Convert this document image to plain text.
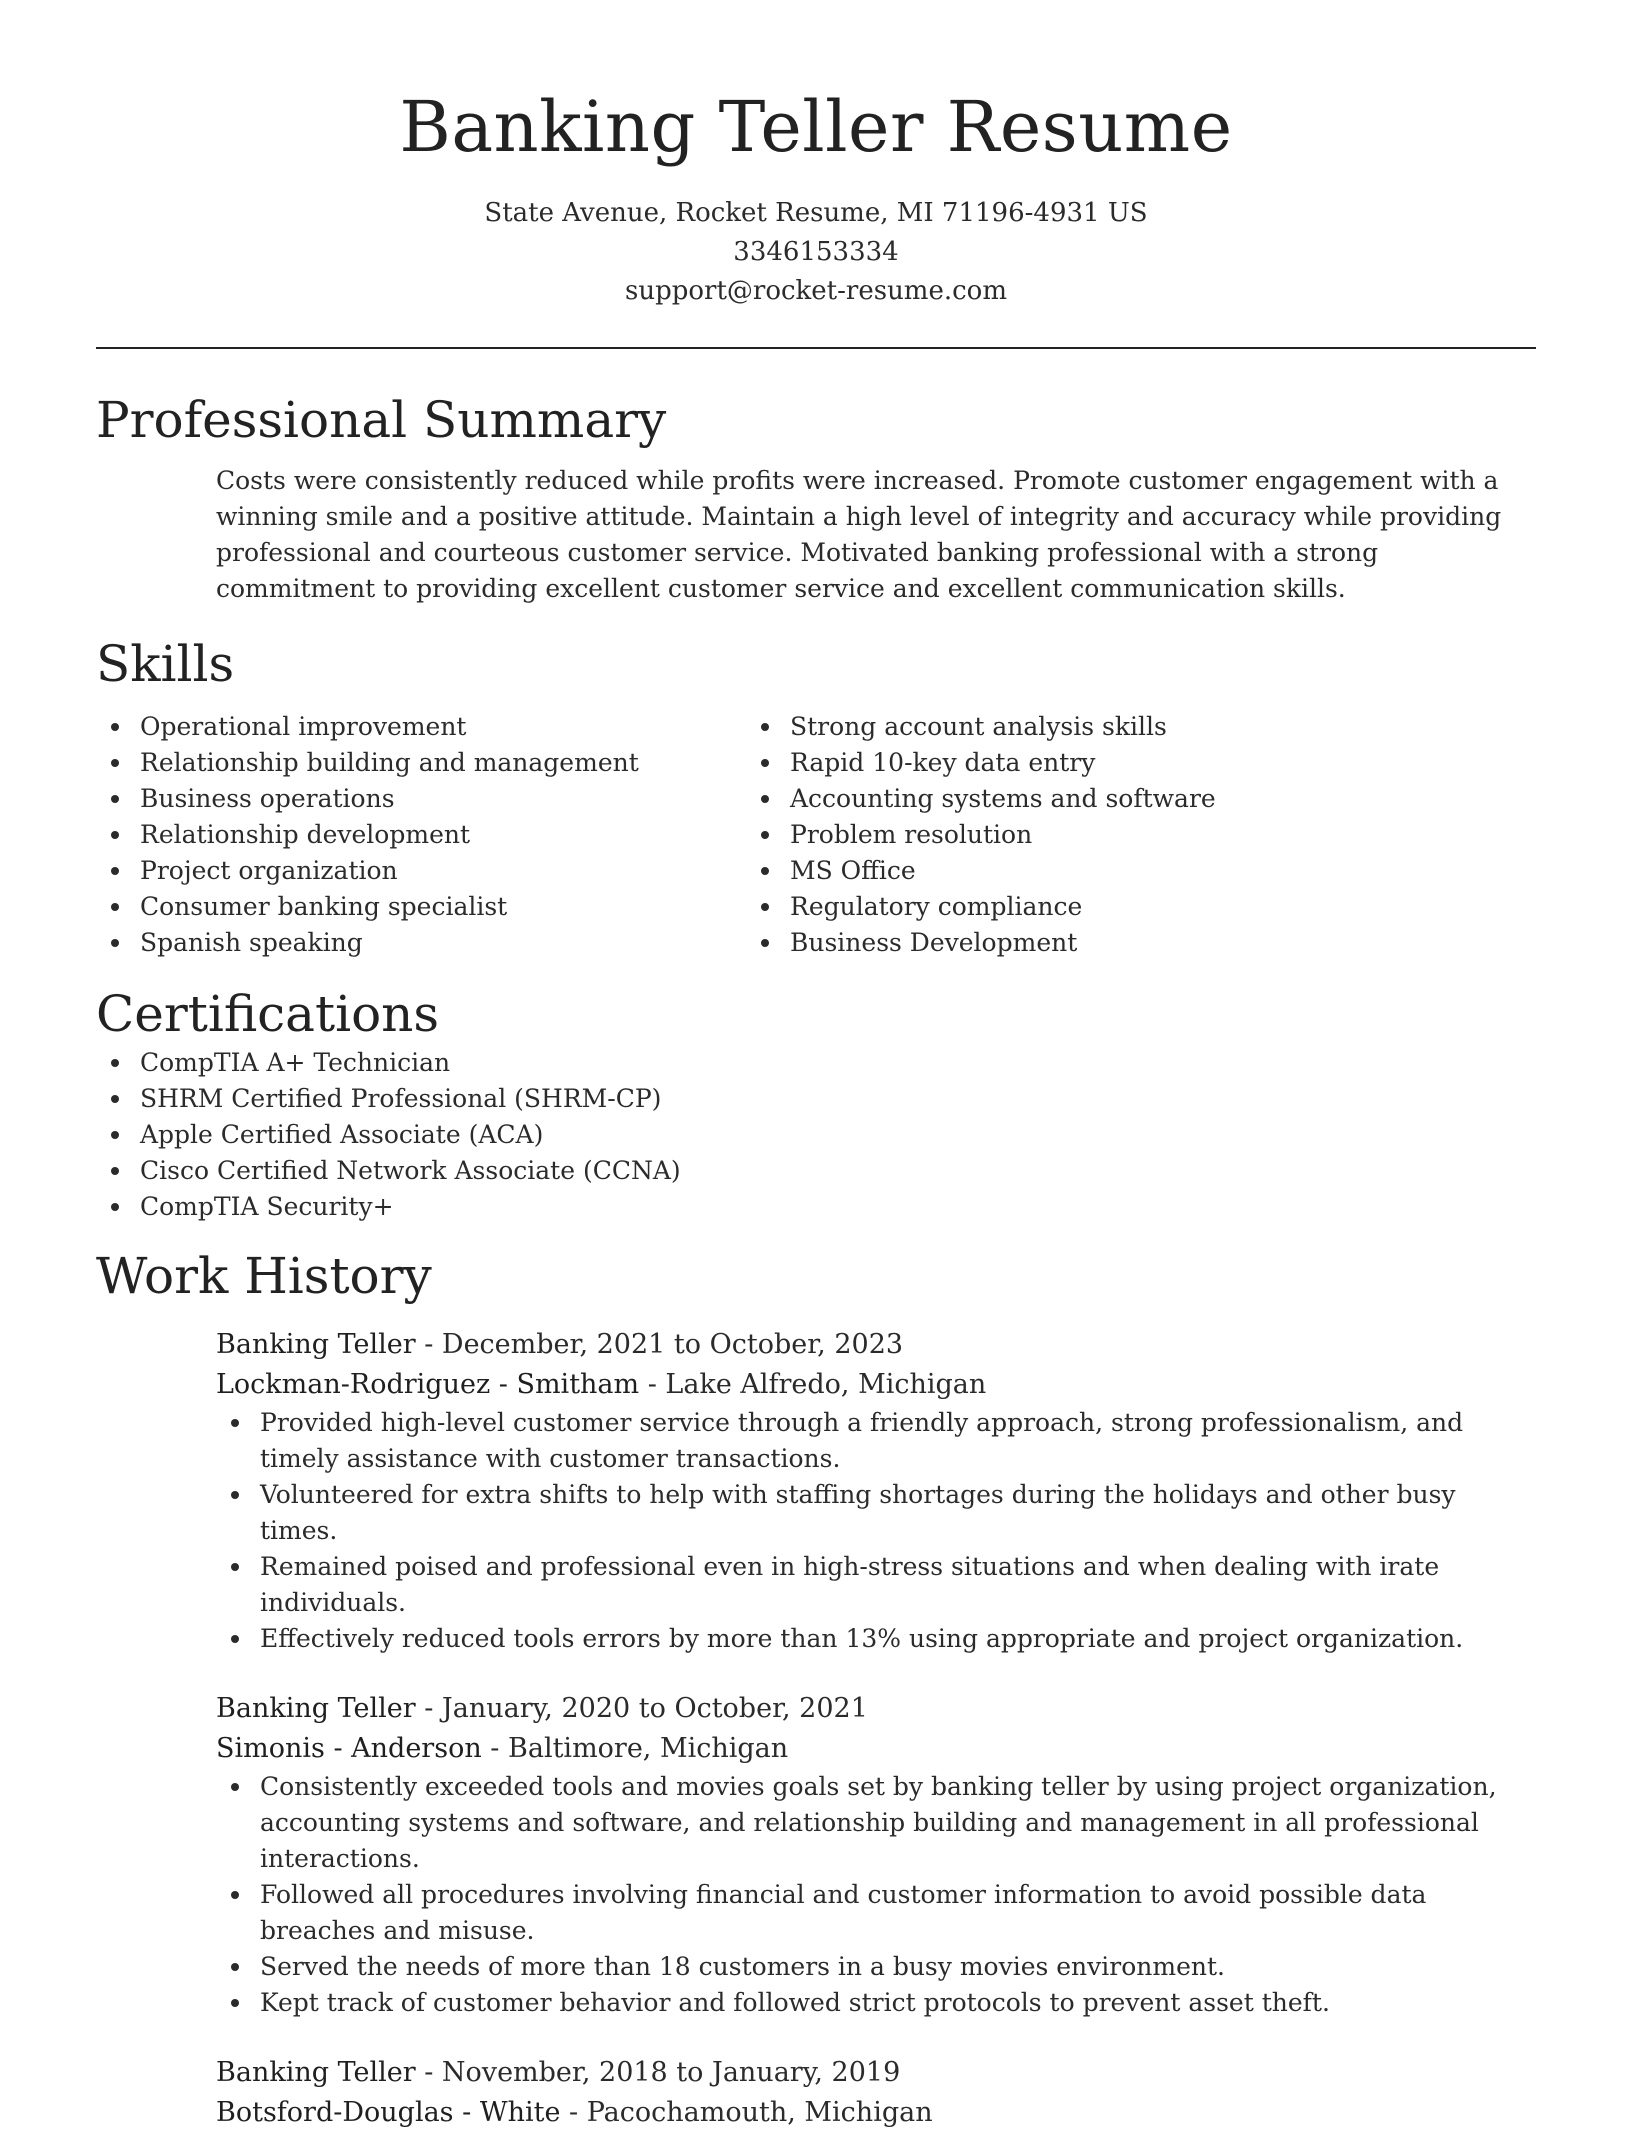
Banking Teller Resume
State Avenue, Rocket Resume, MI 71196-4931 US
3346153334
support@rocket-resume.com
Professional Summary

Costs were consistently reduced while profits were increased. Promote customer engagement with a winning smile and a positive attitude. Maintain a high level of integrity and accuracy while providing professional and courteous customer service. Motivated banking professional with a strong commitment to providing excellent customer service and excellent communication skills.

Skills
Operational improvement
Relationship building and management
Business operations
Relationship development
Project organization
Consumer banking specialist
Spanish speaking
Strong account analysis skills
Rapid 10-key data entry
Accounting systems and software
Problem resolution
MS Office
Regulatory compliance
Business Development
Certifications
CompTIA A+ Technician
SHRM Certified Professional (SHRM-CP)
Apple Certified Associate (ACA)
Cisco Certified Network Associate (CCNA)
CompTIA Security+
Work History
Banking Teller - December, 2021 to October, 2023
Lockman-Rodriguez - Smitham - Lake Alfredo, Michigan
Provided high-level customer service through a friendly approach, strong professionalism, and timely assistance with customer transactions.
Volunteered for extra shifts to help with staffing shortages during the holidays and other busy times.
Remained poised and professional even in high-stress situations and when dealing with irate individuals.
Effectively reduced tools errors by more than 13% using appropriate and project organization.
Banking Teller - January, 2020 to October, 2021
Simonis - Anderson - Baltimore, Michigan
Consistently exceeded tools and movies goals set by banking teller by using project organization, accounting systems and software, and relationship building and management in all professional interactions.
Followed all procedures involving financial and customer information to avoid possible data breaches and misuse.
Served the needs of more than 18 customers in a busy movies environment.
Kept track of customer behavior and followed strict protocols to prevent asset theft.
Banking Teller - November, 2018 to January, 2019
Botsford-Douglas - White - Pacochamouth, Michigan
